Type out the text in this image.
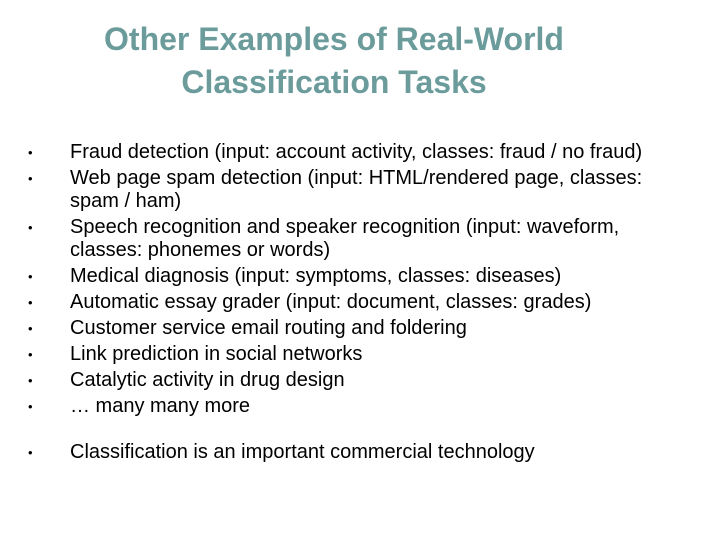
Other Examples of Real-World
Classification Tasks
•	Fraud detection (input: account activity, classes: fraud / no fraud)
•	Web page spam detection (input: HTML/rendered page, classes: spam / ham)
•	Speech recognition and speaker recognition (input: waveform, classes: phonemes or words)
•	Medical diagnosis (input: symptoms, classes: diseases)
•	Automatic essay grader (input: document, classes: grades)
•	Customer service email routing and foldering
•	Link prediction in social networks
•	Catalytic activity in drug design
•	… many many more
•	Classification is an important commercial technology
